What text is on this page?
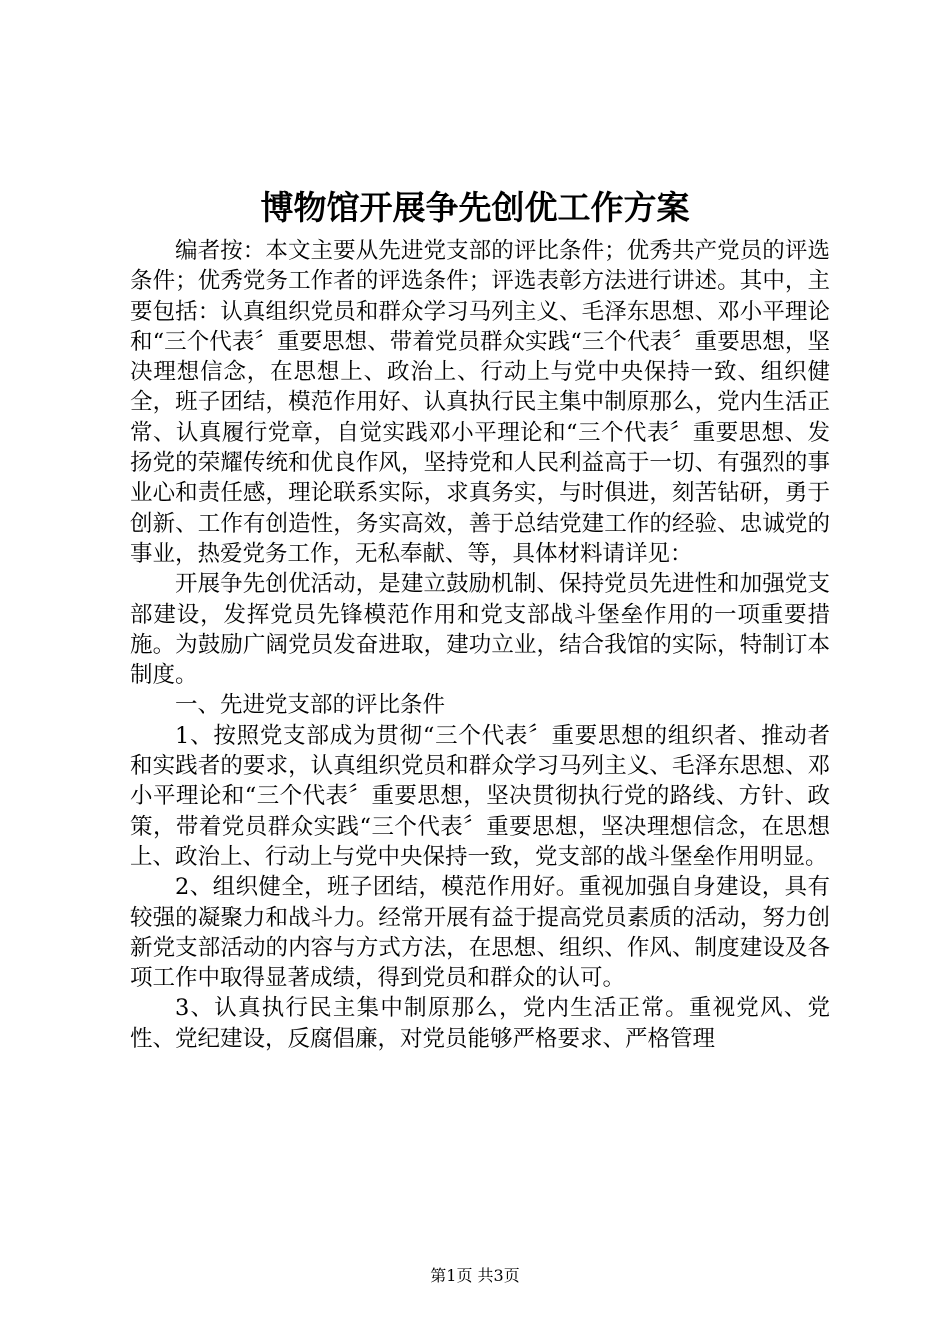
博物馆开展争先创优工作方案

编者按：本文主要从先进党支部的评比条件；优秀共产党员的评选条件；优秀党务工作者的评选条件；评选表彰方法进行讲述。其中，主要包括：认真组织党员和群众学习马列主义、毛泽东思想、邓小平理论和“三个代表〞重要思想、带着党员群众实践“三个代表〞重要思想，坚决理想信念，在思想上、政治上、行动上与党中央保持一致、组织健全，班子团结，模范作用好、认真执行民主集中制原那么，党内生活正常、认真履行党章，自觉实践邓小平理论和“三个代表〞重要思想、发扬党的荣耀传统和优良作风，坚持党和人民利益高于一切、有强烈的事业心和责任感，理论联系实际，求真务实，与时俱进，刻苦钻研，勇于创新、工作有创造性，务实高效，善于总结党建工作的经验、忠诚党的事业，热爱党务工作，无私奉献、等，具体材料请详见：

开展争先创优活动，是建立鼓励机制、保持党员先进性和加强党支部建设，发挥党员先锋模范作用和党支部战斗堡垒作用的一项重要措施。为鼓励广阔党员发奋进取，建功立业，结合我馆的实际，特制订本制度。

一、先进党支部的评比条件

1、按照党支部成为贯彻“三个代表〞重要思想的组织者、推动者和实践者的要求，认真组织党员和群众学习马列主义、毛泽东思想、邓小平理论和“三个代表〞重要思想，坚决贯彻执行党的路线、方针、政策，带着党员群众实践“三个代表〞重要思想，坚决理想信念，在思想上、政治上、行动上与党中央保持一致，党支部的战斗堡垒作用明显。

2、组织健全，班子团结，模范作用好。重视加强自身建设，具有较强的凝聚力和战斗力。经常开展有益于提高党员素质的活动，努力创新党支部活动的内容与方式方法，在思想、组织、作风、制度建设及各项工作中取得显著成绩，得到党员和群众的认可。

3、认真执行民主集中制原那么，党内生活正常。重视党风、党性、党纪建设，反腐倡廉，对党员能够严格要求、严格管理

第1页 共3页
